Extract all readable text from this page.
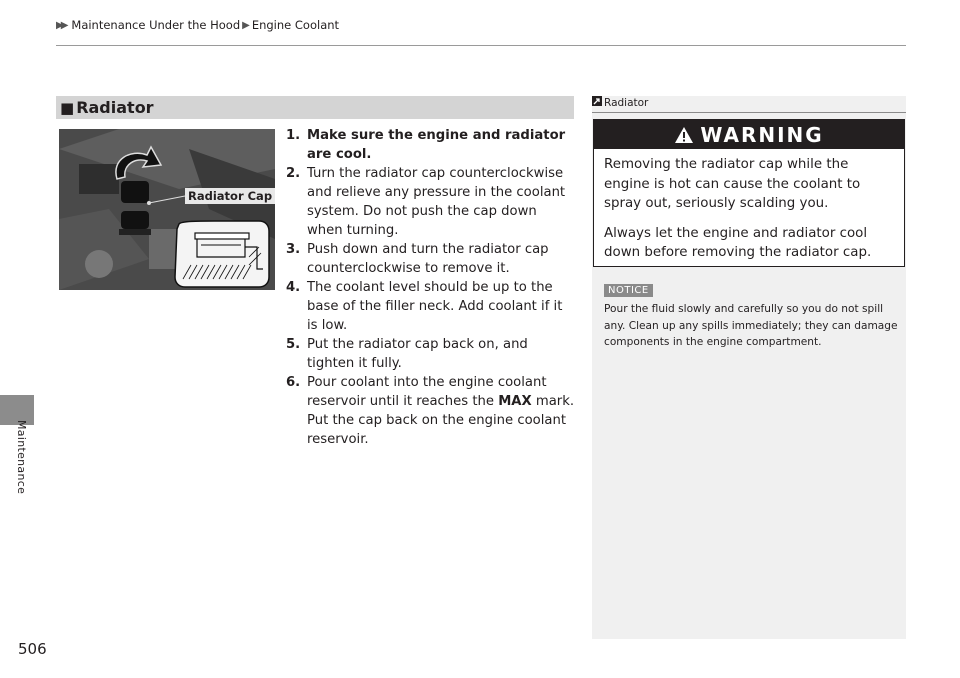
▶▶ Maintenance Under the Hood ▶ Engine Coolant
Maintenance
506
■ Radiator
Radiator Cap
1. Make sure the engine and radiator are cool.
2. Turn the radiator cap counterclockwise and relieve any pressure in the coolant system. Do not push the cap down when turning.
3. Push down and turn the radiator cap counterclockwise to remove it.
4. The coolant level should be up to the base of the filler neck. Add coolant if it is low.
5. Put the radiator cap back on, and tighten it fully.
6. Pour coolant into the engine coolant reservoir until it reaches the MAX mark. Put the cap back on the engine coolant reservoir.
Radiator
WARNING

Removing the radiator cap while the engine is hot can cause the coolant to spray out, seriously scalding you.

Always let the engine and radiator cool down before removing the radiator cap.

NOTICE
Pour the fluid slowly and carefully so you do not spill any. Clean up any spills immediately; they can damage components in the engine compartment.
